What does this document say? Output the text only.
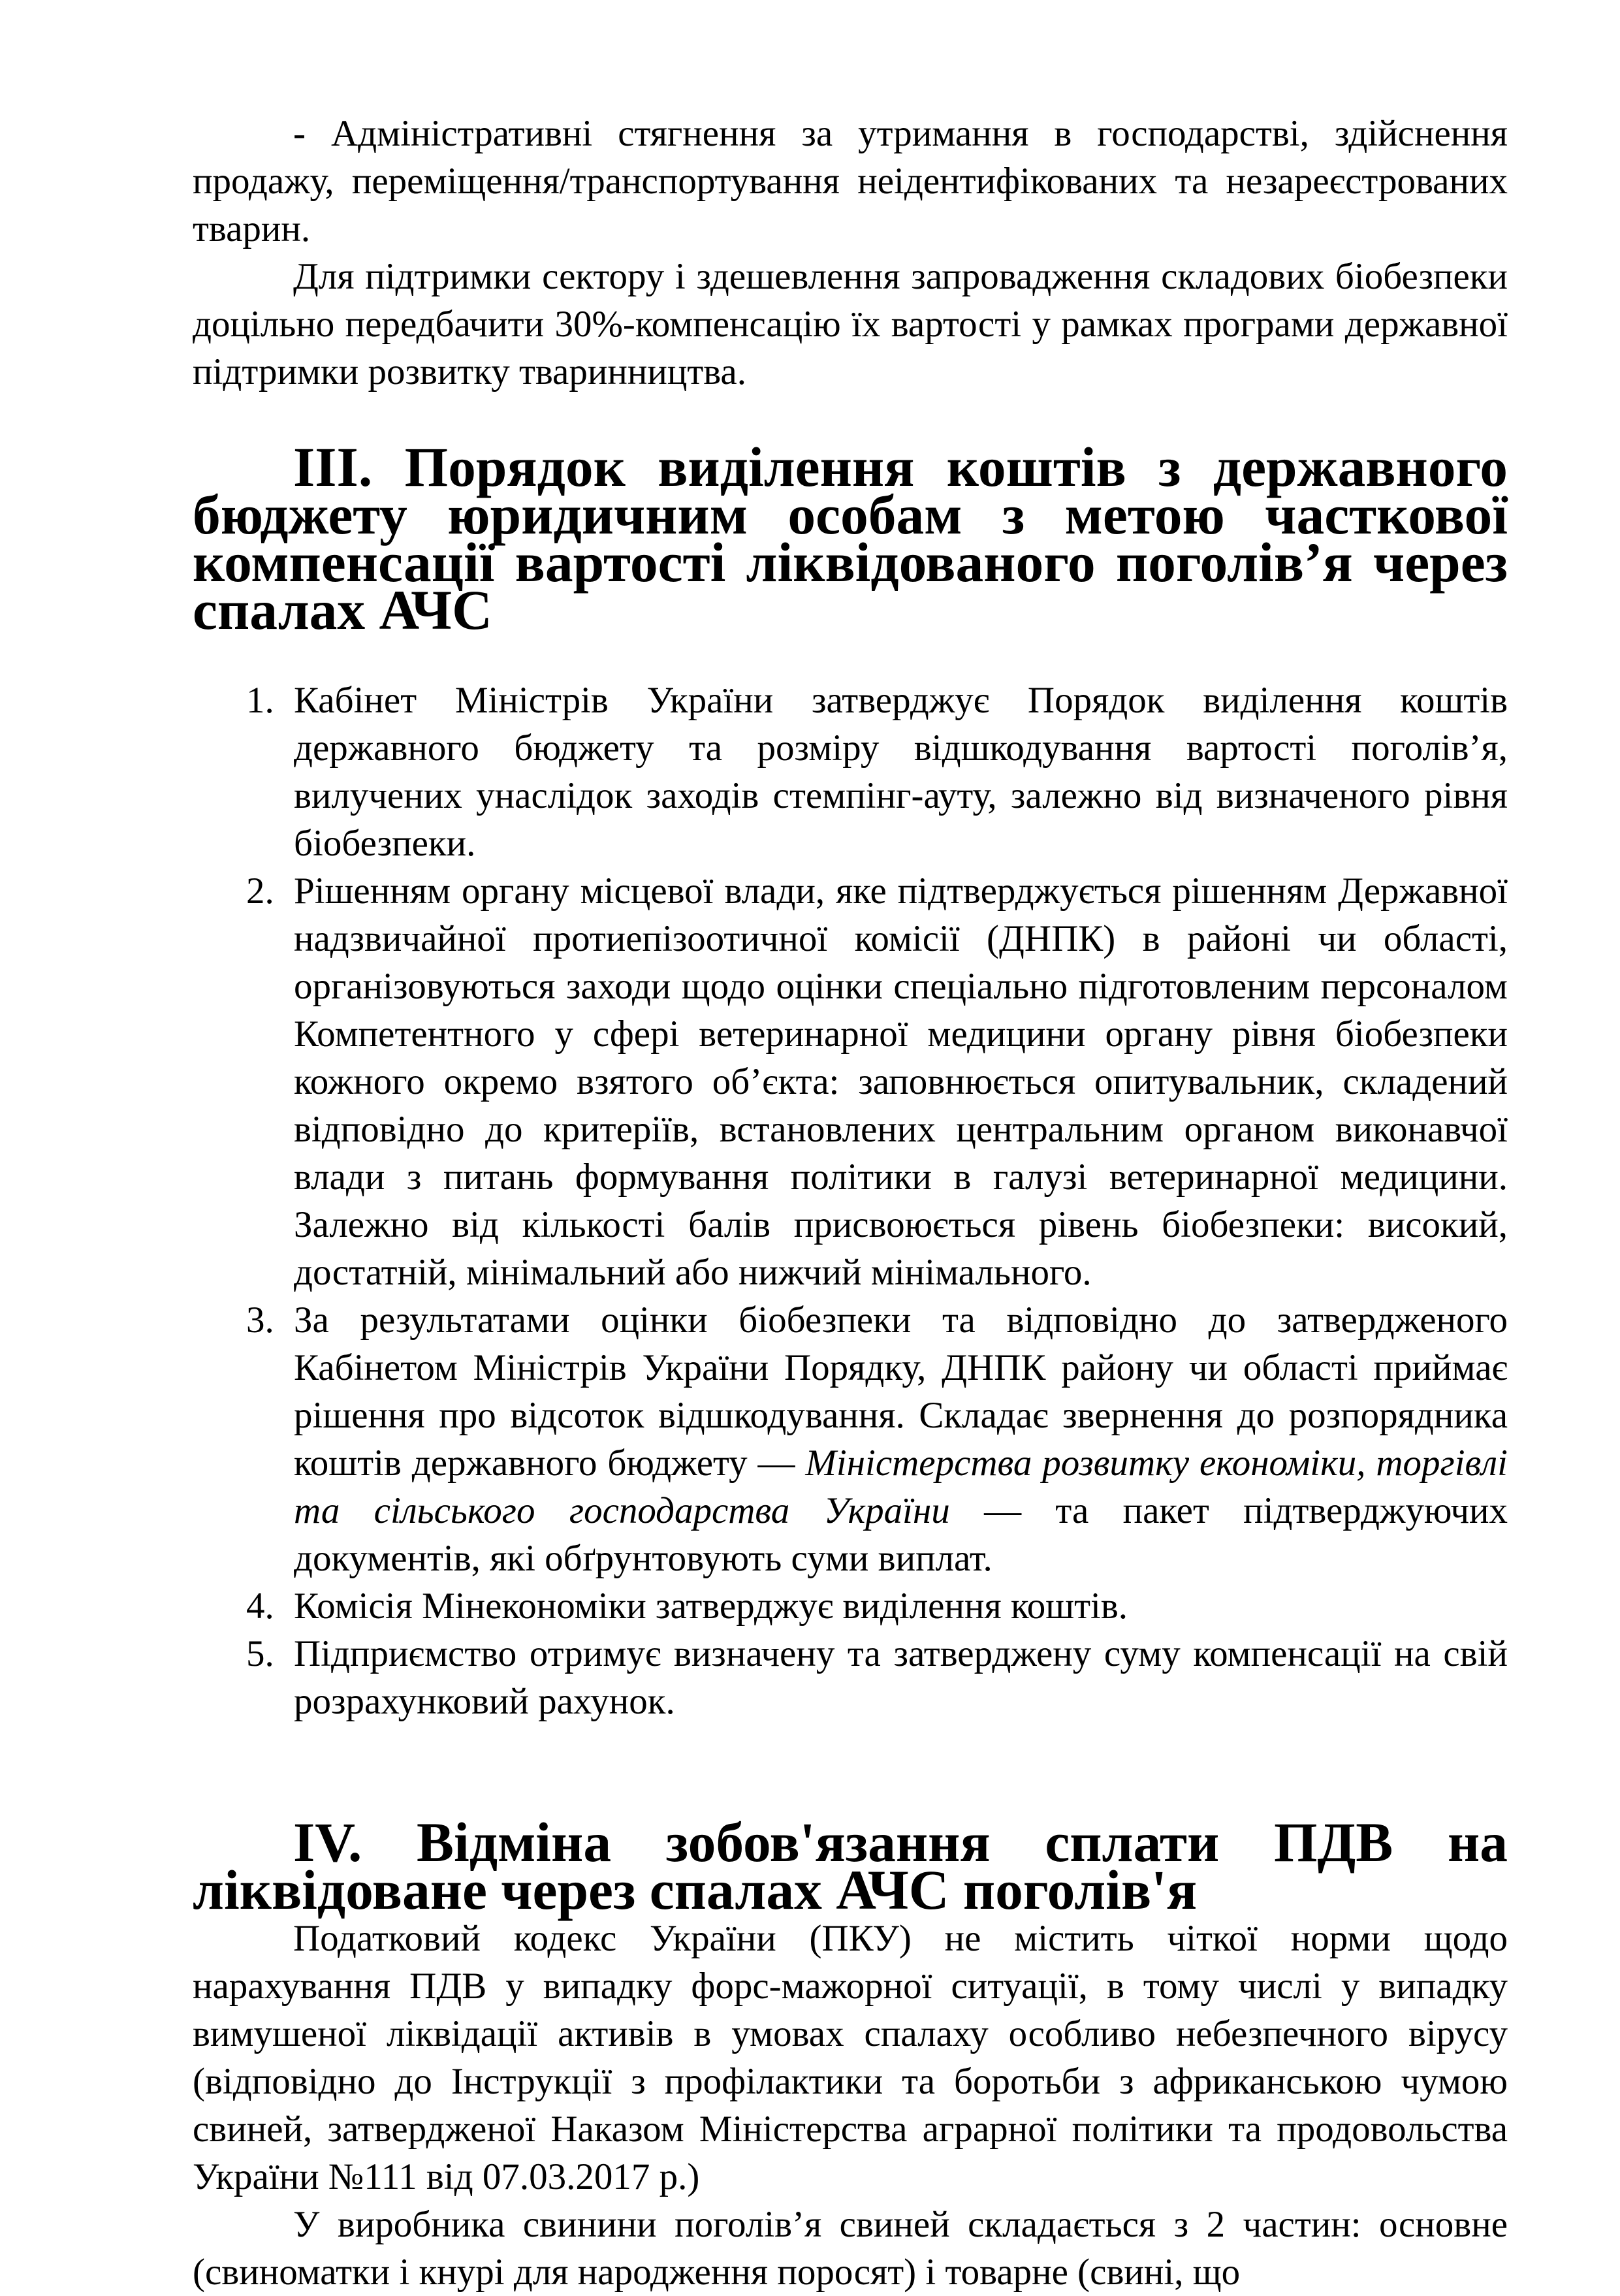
- Адміністративні стягнення за утримання в господарстві, здійснення продажу, переміщення/транспортування неідентифікованих та незареєстрованих тварин.

Для підтримки сектору і здешевлення запровадження складових біобезпеки доцільно передбачити 30%-компенсацію їх вартості у рамках програми державної підтримки розвитку тваринництва.

III. Порядок виділення коштів з державного бюджету юридичним особам з метою часткової компенсації вартості ліквідованого поголів’я через спалах АЧС
1. Кабінет Міністрів України затверджує Порядок виділення коштів державного бюджету та розміру відшкодування вартості поголів’я, вилучених унаслідок заходів стемпінг-ауту, залежно від визначеного рівня біобезпеки.
2. Рішенням органу місцевої влади, яке підтверджується рішенням Державної надзвичайної протиепізоотичної комісії (ДНПК) в районі чи області, організовуються заходи щодо оцінки спеціально підготовленим персоналом Компетентного у сфері ветеринарної медицини органу рівня біобезпеки кожного окремо взятого об’єкта: заповнюється опитувальник, складений відповідно до критеріїв, встановлених центральним органом виконавчої влади з питань формування політики в галузі ветеринарної медицини. Залежно від кількості балів присвоюється рівень біобезпеки: високий, достатній, мінімальний або нижчий мінімального.
3. За результатами оцінки біобезпеки та відповідно до затвердженого Кабінетом Міністрів України Порядку, ДНПК району чи області приймає рішення про відсоток відшкодування. Складає звернення до розпорядника коштів державного бюджету — Міністерства розвитку економіки, торгівлі та сільського господарства України — та пакет підтверджуючих документів, які обґрунтовують суми виплат.
4. Комісія Мінекономіки затверджує виділення коштів.
5. Підприємство отримує визначену та затверджену суму компенсації на свій розрахунковий рахунок.
IV. Відміна зобов'язання сплати ПДВ на ліквідоване через спалах АЧС поголів'я

Податковий кодекс України (ПКУ) не містить чіткої норми щодо нарахування ПДВ у випадку форс-мажорної ситуації, в тому числі у випадку вимушеної ліквідації активів в умовах спалаху особливо небезпечного вірусу (відповідно до Інструкції з профілактики та боротьби з африканською чумою свиней, затвердженої Наказом Міністерства аграрної політики та продовольства України №111 від 07.03.2017 р.)

У виробника свинини поголів’я свиней складається з 2 частин: основне (свиноматки і кнурі для народження поросят) і товарне (свині, що
